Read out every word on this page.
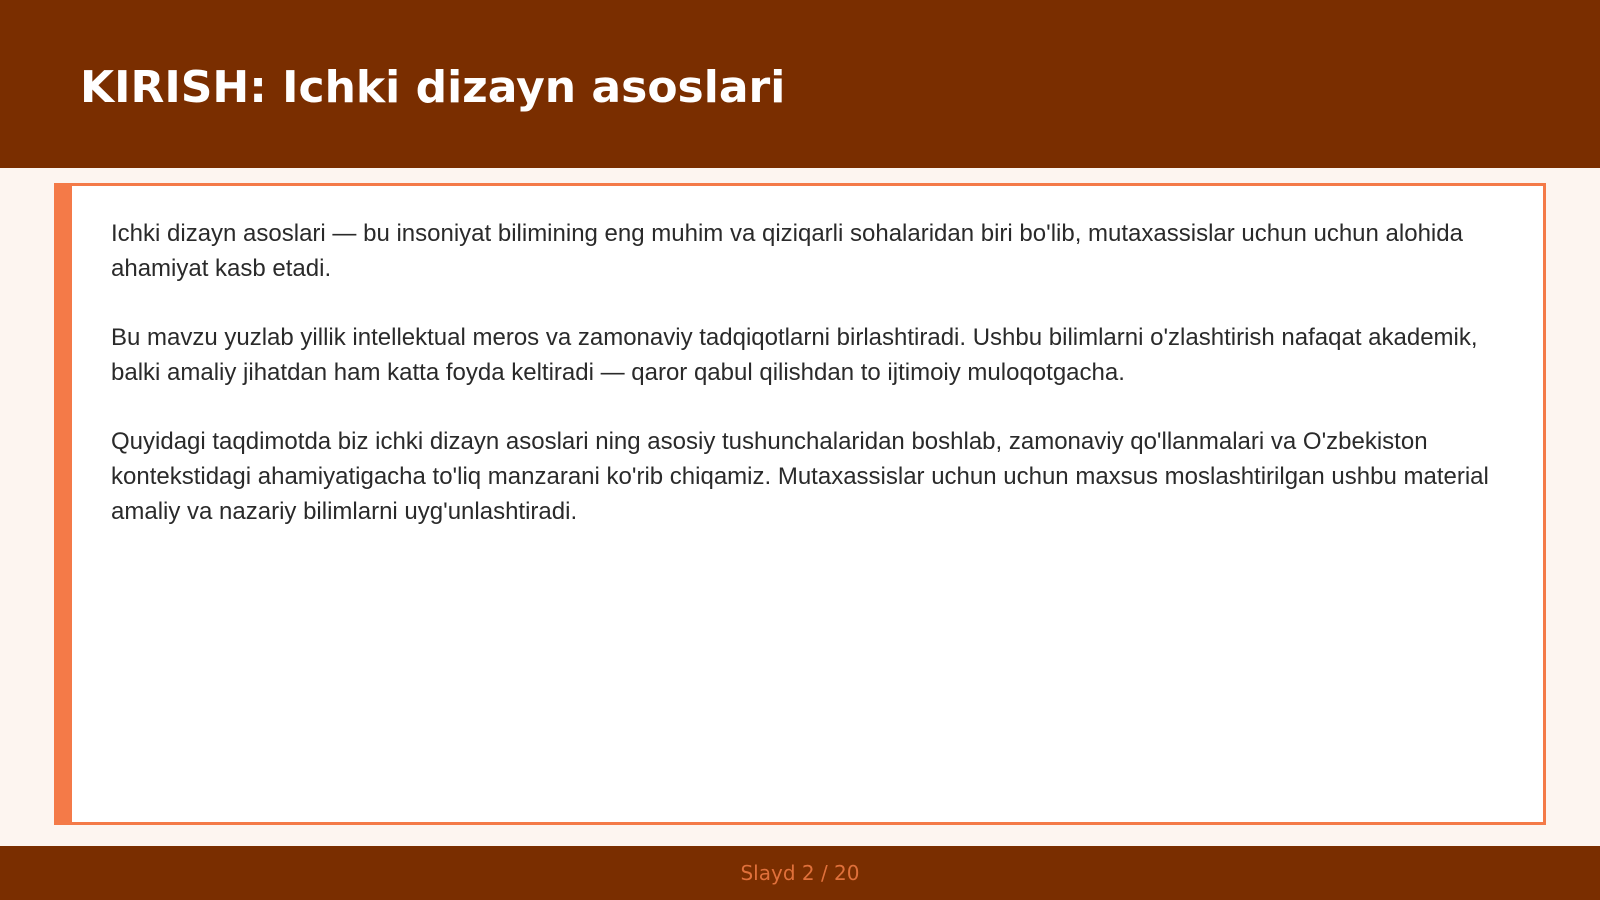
KIRISH: Ichki dizayn asoslari

Ichki dizayn asoslari — bu insoniyat bilimining eng muhim va qiziqarli sohalaridan biri bo'lib, mutaxassislar uchun uchun alohida ahamiyat kasb etadi.

Bu mavzu yuzlab yillik intellektual meros va zamonaviy tadqiqotlarni birlashtiradi. Ushbu bilimlarni o'zlashtirish nafaqat akademik, balki amaliy jihatdan ham katta foyda keltiradi — qaror qabul qilishdan to ijtimoiy muloqotgacha.

Quyidagi taqdimotda biz ichki dizayn asoslari ning asosiy tushunchalaridan boshlab, zamonaviy qo'llanmalari va O'zbekiston kontekstidagi ahamiyatigacha to'liq manzarani ko'rib chiqamiz. Mutaxassislar uchun uchun maxsus moslashtirilgan ushbu material amaliy va nazariy bilimlarni uyg'unlashtiradi.

Slayd 2 / 20
